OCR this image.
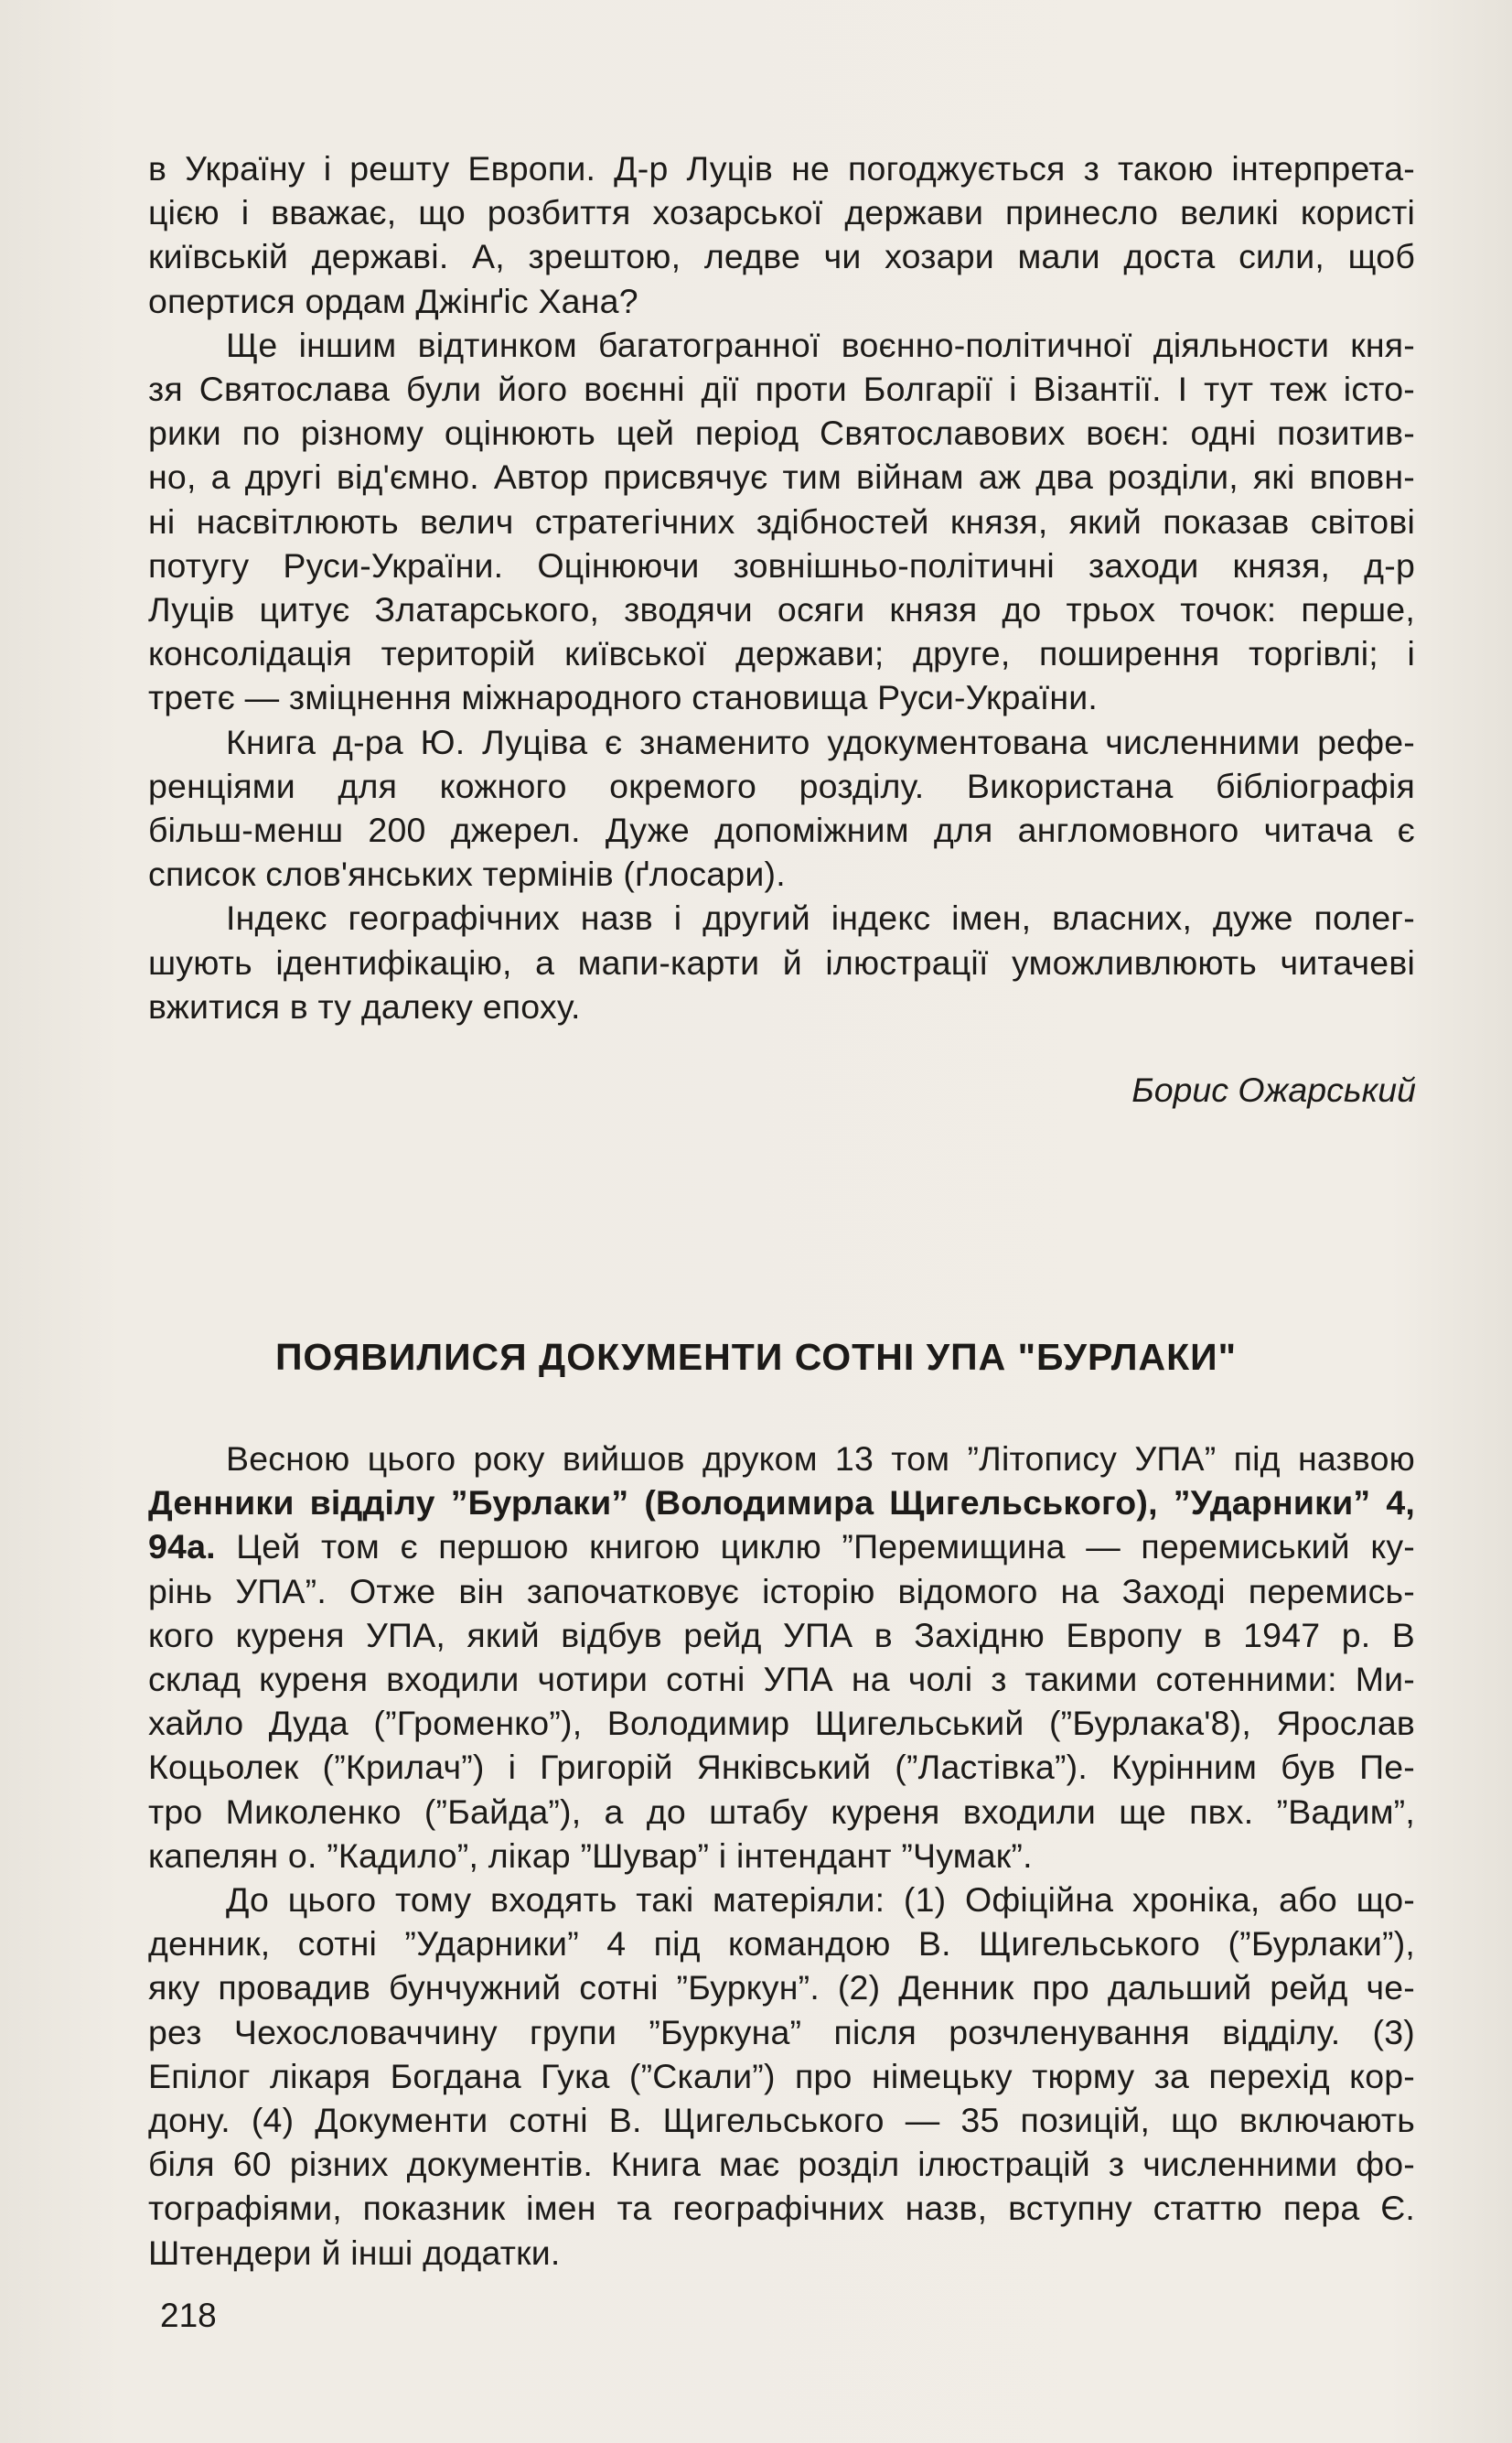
в Україну і решту Европи. Д-р Луців не погоджується з такою інтерпрета-
цією і вважає, що розбиття хозарської держави принесло великі користі
київській державі. А, зрештою, ледве чи хозари мали доста сили, щоб
опертися ордам Джінґіс Хана?

Ще іншим відтинком багатогранної воєнно-політичної діяльности кня-
зя Святослава були його воєнні дії проти Болгарії і Візантії. І тут теж істо-
рики по різному оцінюють цей період Святославових воєн: одні позитив-
но, а другі від'ємно. Автор присвячує тим війнам аж два розділи, які вповн-
ні насвітлюють велич стратегічних здібностей князя, який показав світові
потугу Руси-України. Оцінюючи зовнішньо-політичні заходи князя, д-р
Луців цитує Златарського, зводячи осяги князя до трьох точок: перше,
консолідація територій київської держави; друге, поширення торгівлі; і
третє — зміцнення міжнародного становища Руси-України.

Книга д-ра Ю. Луціва є знаменито удокументована численними рефе-
ренціями для кожного окремого розділу. Використана бібліографія
більш-менш 200 джерел. Дуже допоміжним для англомовного читача є
список слов'янських термінів (ґлосари).

Індекс географічних назв і другий індекс імен, власних, дуже полег-
шують ідентифікацію, а мапи-карти й ілюстрації уможливлюють читачеві
вжитися в ту далеку епоху.

Борис Ожарський
ПОЯВИЛИСЯ ДОКУМЕНТИ СОТНІ УПА "БУРЛАКИ"

Весною цього року вийшов друком 13 том ”Літопису УПА” під назвою
Денники відділу ”Бурлаки” (Володимира Щигельського), ”Ударники” 4,
94а. Цей том є першою книгою циклю ”Перемищина — перемиський ку-
рінь УПА”. Отже він започатковує історію відомого на Заході перемись-
кого куреня УПА, який відбув рейд УПА в Західню Европу в 1947 р. В
склад куреня входили чотири сотні УПА на чолі з такими сотенними: Ми-
хайло Дуда (”Громенко”), Володимир Щигельський (”Бурлака'8), Ярослав
Коцьолек (”Крилач”) і Григорій Янківський (”Ластівка”). Курінним був Пе-
тро Миколенко (”Байда”), а до штабу куреня входили ще пвх. ”Вадим”,
капелян о. ”Кадило”, лікар ”Шувар” і інтендант ”Чумак”.

До цього тому входять такі матеріяли: (1) Офіційна хроніка, або що-
денник, сотні ”Ударники” 4 під командою В. Щигельського (”Бурлаки”),
яку провадив бунчужний сотні ”Буркун”. (2) Денник про дальший рейд че-
рез Чехословаччину групи ”Буркуна” після розчленування відділу. (3)
Епілог лікаря Богдана Гука (”Скали”) про німецьку тюрму за перехід кор-
дону. (4) Документи сотні В. Щигельського — 35 позицій, що включають
біля 60 різних документів. Книга має розділ ілюстрацій з численними фо-
тографіями, показник імен та географічних назв, вступну статтю пера Є.
Штендери й інші додатки.

218
